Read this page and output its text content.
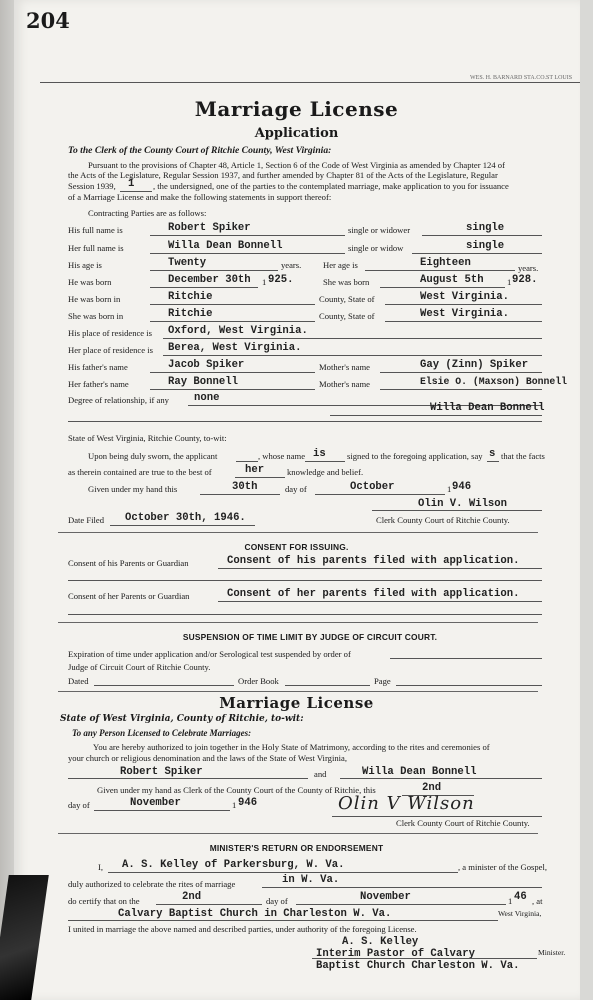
204
WES. H. BARNARD STA.CO.ST LOUIS
Marriage License
Application
To the Clerk of the County Court of Ritchie County, West Virginia:
Pursuant to the provisions of Chapter 48, Article 1, Section 6 of the Code of West Virginia as amended by Chapter 124 of
the Acts of the Legislature, Regular Session 1937, and further amended by Chapter 81 of the Acts of the Legislature, Regular
Session 1939, 1 , the undersigned, one of the parties to the contemplated marriage, make application to you for issuance
of a Marriage License and make the following statements in support thereof:
Contracting Parties are as follows:
His full name is	Robert Spiker	single or widower	single
Her full name is	Willa Dean Bonnell	single or widow	single
His age is	Twenty	years.	Her age is	Eighteen	years.
He was born	December 30th 1 925.	She was born	August 5th	1 928.
He was born in	Ritchie	County, State of	West Virginia.
She was born in	Ritchie	County, State of	West Virginia.
His place of residence is Oxford, West Virginia.
Her place of residence is Berea, West Virginia.
His father's name	Jacob Spiker	Mother's name	Gay (Zinn) Spiker
Her father's name	Ray Bonnell	Mother's name	Elsie O. (Maxson) Bonnell
Degree of relationship, if any none
Willa Dean Bonnell
State of West Virginia, Ritchie County, to-wit:
Upon being duly sworn, the applicant	, whose name is signed to the foregoing application, say s that the facts
as therein contained are true to the best of	her	knowledge and belief.
Given under my hand this	30th	day of	October	1 946
Olin V. Wilson
Date Filed October 30th, 1946.	Clerk County Court of Ritchie County.
CONSENT FOR ISSUING.
Consent of his Parents or Guardian	Consent of his parents filed with application.
Consent of her Parents or Guardian	Consent of her parents filed with application.
SUSPENSION OF TIME LIMIT BY JUDGE OF CIRCUIT COURT.
Expiration of time under application and/or Serological test suspended by order of
Judge of Circuit Court of Ritchie County.
Dated	Order Book	Page
Marriage License
State of West Virginia, County of Ritchie, to-wit:
To any Person Licensed to Celebrate Marriages:
You are hereby authorized to join together in the Holy State of Matrimony, according to the rites and ceremonies of
your church or religious denomination and the laws of the State of West Virginia,
Robert Spiker	and	Willa Dean Bonnell
Given under my hand as Clerk of the County Court of the County of Ritchie, this	2nd
day of	November	1 946	Olin V Wilson
Clerk County Court of Ritchie County.
MINISTER'S RETURN OR ENDORSEMENT
I, A. S. Kelley of Parkersburg, W. Va.	, a minister of the Gospel,
duly authorized to celebrate the rites of marriage	in W. Va.
do certify that on the	2nd	day of	November	1 46 , at
Calvary Baptist Church in Charleston W. Va.	West Virginia,
I united in marriage the above named and described parties, under authority of the foregoing License.
A. S. Kelley
Interim Pastor of Calvary	Minister.
Baptist Church Charleston W. Va.
